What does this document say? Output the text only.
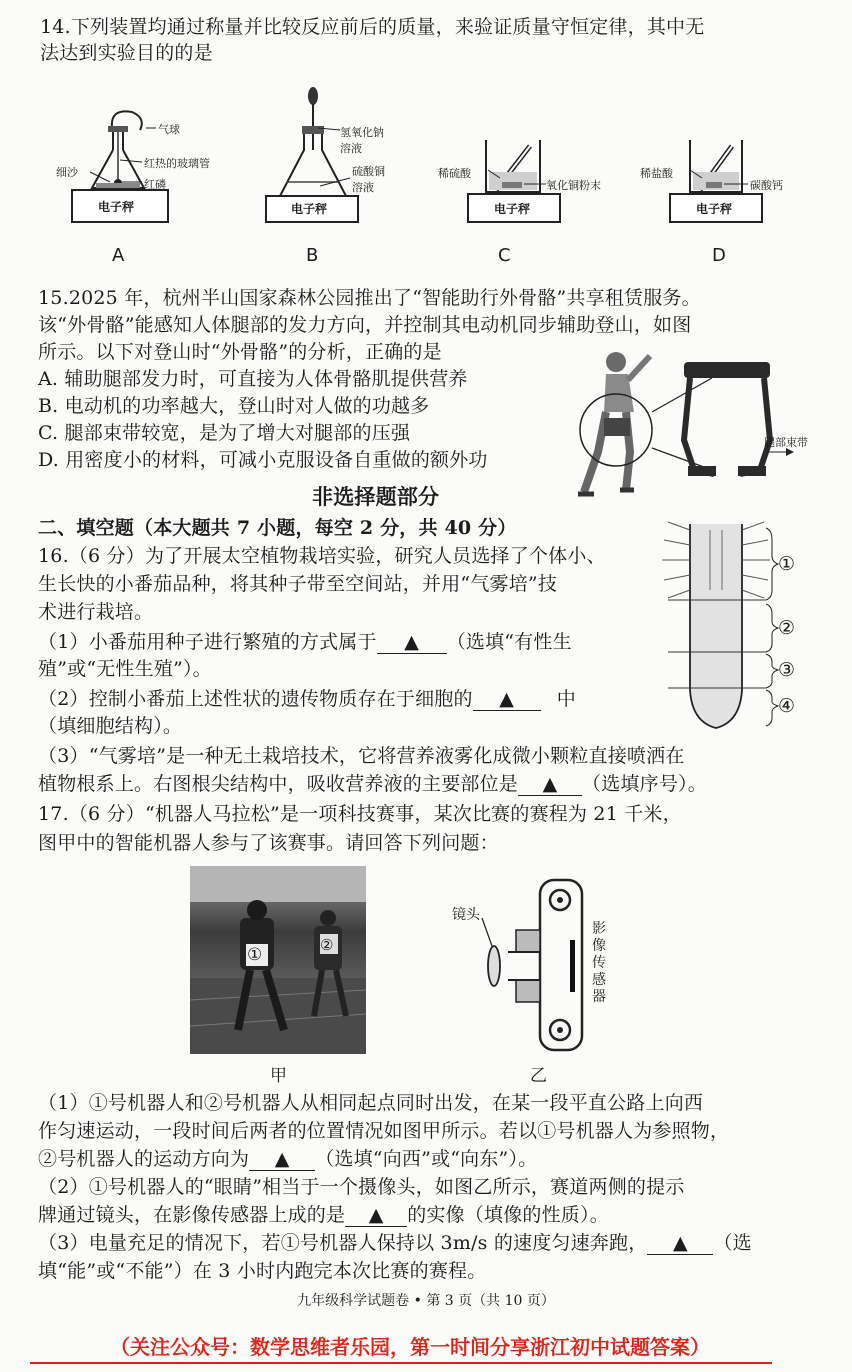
14.下列装置均通过称量并比较反应前后的质量，来验证质量守恒定律，其中无
法达到实验目的的是
气球
细沙
红热的玻璃管
红磷
电子秤
A
氢氧化钠
溶液
硫酸铜
溶液
电子秤
B
稀硫酸
氧化铜粉末
电子秤
C
稀盐酸
碳酸钙
电子秤
D
15.2025 年，杭州半山国家森林公园推出了“智能助行外骨骼”共享租赁服务。
该“外骨骼”能感知人体腿部的发力方向，并控制其电动机同步辅助登山，如图
所示。以下对登山时“外骨骼”的分析，正确的是
A. 辅助腿部发力时，可直接为人体骨骼肌提供营养
B. 电动机的功率越大，登山时对人做的功越多
C. 腿部束带较宽，是为了增大对腿部的压强
D. 用密度小的材料，可减小克服设备自重做的额外功
腿部束带
非选择题部分
二、填空题（本大题共 7 小题，每空 2 分，共 40 分）
16.（6 分）为了开展太空植物栽培实验，研究人员选择了个体小、
生长快的小番茄品种，将其种子带至空间站，并用“气雾培”技
术进行栽培。
（1）小番茄用种子进行繁殖的方式属于 ▲ （选填“有性生
殖”或“无性生殖”）。
（2）控制小番茄上述性状的遗传物质存在于细胞的 ▲ 中
（填细胞结构）。
（3）“气雾培”是一种无土栽培技术，它将营养液雾化成微小颗粒直接喷洒在
植物根系上。右图根尖结构中，吸收营养液的主要部位是 ▲ （选填序号）。
①
②
③
④
17.（6 分）“机器人马拉松”是一项科技赛事，某次比赛的赛程为 21 千米，
图甲中的智能机器人参与了该赛事。请回答下列问题：
①	②
甲
镜头
影
像
传
感
器
乙
（1）①号机器人和②号机器人从相同起点同时出发，在某一段平直公路上向西
作匀速运动，一段时间后两者的位置情况如图甲所示。若以①号机器人为参照物，
②号机器人的运动方向为 ▲ （选填“向西”或“向东”）。
（2）①号机器人的“眼睛”相当于一个摄像头，如图乙所示，赛道两侧的提示
牌通过镜头，在影像传感器上成的是 ▲ 的实像（填像的性质）。
（3）电量充足的情况下，若①号机器人保持以 3m/s 的速度匀速奔跑， ▲ （选
填“能”或“不能”）在 3 小时内跑完本次比赛的赛程。
九年级科学试题卷 • 第 3 页（共 10 页）
（关注公众号：数学思维者乐园，第一时间分享浙江初中试题答案）
